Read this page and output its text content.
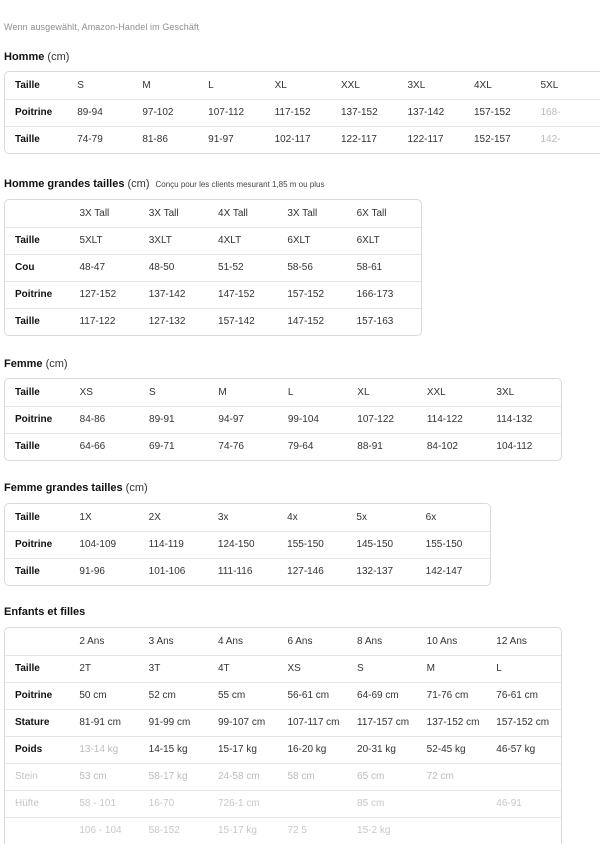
Wenn ausgewählt, Amazon-Handel im Geschäft
Homme (cm)
Taille	S	M	L	XL	XXL	3XL	4XL	5XL
Poitrine	89-94	97-102	107-112	117-152	137-152	137-142	157-152	168-
Taille	74-79	81-86	91-97	102-117	122-117	122-117	152-157	142-
Homme grandes tailles (cm) Conçu pour les clients mesurant 1,85 m ou plus
	3X Tall	3X Tall	4X Tall	3X Tall	6X Tall
Taille	5XLT	3XLT	4XLT	6XLT	6XLT
Cou	48-47	48-50	51-52	58-56	58-61
Poitrine	127-152	137-142	147-152	157-152	166-173
Taille	117-122	127-132	157-142	147-152	157-163
Femme (cm)
Taille	XS	S	M	L	XL	XXL	3XL
Poitrine	84-86	89-91	94-97	99-104	107-122	114-122	114-132
Taille	64-66	69-71	74-76	79-64	88-91	84-102	104-112
Femme grandes tailles (cm)
Taille	1X	2X	3x	4x	5x	6x
Poitrine	104-109	114-119	124-150	155-150	145-150	155-150
Taille	91-96	101-106	111-116	127-146	132-137	142-147
Enfants et filles
	2 Ans	3 Ans	4 Ans	6 Ans	8 Ans	10 Ans	12 Ans
Taille	2T	3T	4T	XS	S	M	L
Poitrine	50 cm	52 cm	55 cm	56-61 cm	64-69 cm	71-76 cm	76-61 cm
Stature	81-91 cm	91-99 cm	99-107 cm	107-117 cm	117-157 cm	137-152 cm	157-152 cm
Poids	13-14 kg	14-15 kg	15-17 kg	16-20 kg	20-31 kg	52-45 kg	46-57 kg
Stein	53 cm	58-17 kg	24-58 cm	58 cm	65 cm	72 cm	
Hüfte	58 - 101	16-70	726-1 cm		85 cm		46-91
	106 - 104	58-152	15-17 kg	72 5	15-2 kg		
